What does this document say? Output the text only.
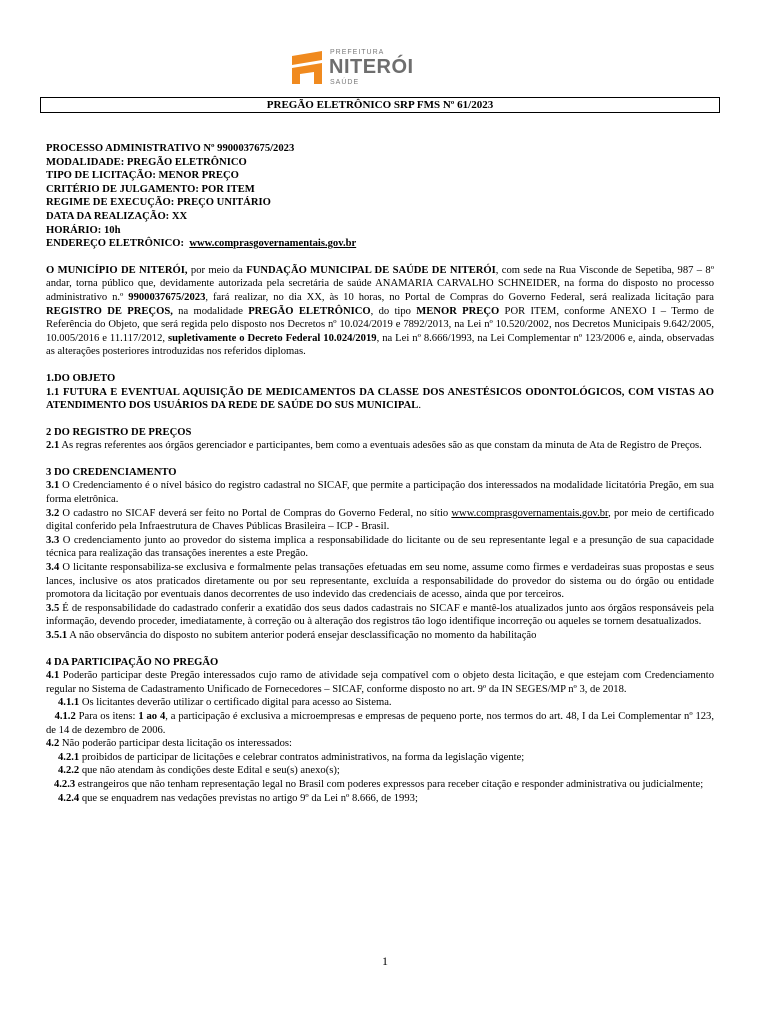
PREFEITURA
NITERÓI
SAÚDE
PREGÃO ELETRÔNICO SRP FMS Nº 61/2023

PROCESSO ADMINISTRATIVO Nº 9900037675/2023

MODALIDADE: PREGÃO ELETRÔNICO

TIPO DE LICITAÇÃO: MENOR PREÇO

CRITÉRIO DE JULGAMENTO: POR ITEM

REGIME DE EXECUÇÃO: PREÇO UNITÁRIO

DATA DA REALIZAÇÃO: XX

HORÁRIO: 10h

ENDEREÇO ELETRÔNICO: www.comprasgovernamentais.gov.br

O MUNICÍPIO DE NITERÓI, por meio da FUNDAÇÃO MUNICIPAL DE SAÚDE DE NITERÓI, com sede na Rua Visconde de Sepetiba, 987 – 8º andar, torna público que, devidamente autorizada pela secretária de saúde ANAMARIA CARVALHO SCHNEIDER, na forma do disposto no processo administrativo n.º 9900037675/2023, fará realizar, no dia XX, às 10 horas, no Portal de Compras do Governo Federal, será realizada licitação para REGISTRO DE PREÇOS, na modalidade PREGÃO ELETRÔNICO, do tipo MENOR PREÇO POR ITEM, conforme ANEXO I – Termo de Referência do Objeto, que será regida pelo disposto nos Decretos nº 10.024/2019 e 7892/2013, na Lei nº 10.520/2002, nos Decretos Municipais 9.642/2005, 10.005/2016 e 11.117/2012, supletivamente o Decreto Federal 10.024/2019, na Lei nº 8.666/1993, na Lei Complementar nº 123/2006 e, ainda, observadas as alterações posteriores introduzidas nos referidos diplomas.

1.DO OBJETO

1.1 FUTURA E EVENTUAL AQUISIÇÃO DE MEDICAMENTOS DA CLASSE DOS ANESTÉSICOS ODONTOLÓGICOS, COM VISTAS AO ATENDIMENTO DOS USUÁRIOS DA REDE DE SAÚDE DO SUS MUNICIPAL.

2 DO REGISTRO DE PREÇOS

2.1 As regras referentes aos órgãos gerenciador e participantes, bem como a eventuais adesões são as que constam da minuta de Ata de Registro de Preços.

3 DO CREDENCIAMENTO

3.1 O Credenciamento é o nível básico do registro cadastral no SICAF, que permite a participação dos interessados na modalidade licitatória Pregão, em sua forma eletrônica.

3.2 O cadastro no SICAF deverá ser feito no Portal de Compras do Governo Federal, no sítio www.comprasgovernamentais.gov.br, por meio de certificado digital conferido pela Infraestrutura de Chaves Públicas Brasileira – ICP - Brasil.

3.3 O credenciamento junto ao provedor do sistema implica a responsabilidade do licitante ou de seu representante legal e a presunção de sua capacidade técnica para realização das transações inerentes a este Pregão.

3.4 O licitante responsabiliza-se exclusiva e formalmente pelas transações efetuadas em seu nome, assume como firmes e verdadeiras suas propostas e seus lances, inclusive os atos praticados diretamente ou por seu representante, excluída a responsabilidade do provedor do sistema ou do órgão ou entidade promotora da licitação por eventuais danos decorrentes de uso indevido das credenciais de acesso, ainda que por terceiros.

3.5 É de responsabilidade do cadastrado conferir a exatidão dos seus dados cadastrais no SICAF e mantê-los atualizados junto aos órgãos responsáveis pela informação, devendo proceder, imediatamente, à correção ou à alteração dos registros tão logo identifique incorreção ou aqueles se tornem desatualizados.

3.5.1 A não observância do disposto no subitem anterior poderá ensejar desclassificação no momento da habilitação

4 DA PARTICIPAÇÃO NO PREGÃO

4.1 Poderão participar deste Pregão interessados cujo ramo de atividade seja compatível com o objeto desta licitação, e que estejam com Credenciamento regular no Sistema de Cadastramento Unificado de Fornecedores – SICAF, conforme disposto no art. 9º da IN SEGES/MP nº 3, de 2018.

4.1.1 Os licitantes deverão utilizar o certificado digital para acesso ao Sistema.

4.1.2 Para os itens: 1 ao 4, a participação é exclusiva a microempresas e empresas de pequeno porte, nos termos do art. 48, I da Lei Complementar nº 123, de 14 de dezembro de 2006.

4.2 Não poderão participar desta licitação os interessados:

4.2.1 proibidos de participar de licitações e celebrar contratos administrativos, na forma da legislação vigente;

4.2.2 que não atendam às condições deste Edital e seu(s) anexo(s);

4.2.3 estrangeiros que não tenham representação legal no Brasil com poderes expressos para receber citação e responder administrativa ou judicialmente;

4.2.4 que se enquadrem nas vedações previstas no artigo 9º da Lei nº 8.666, de 1993;

1
